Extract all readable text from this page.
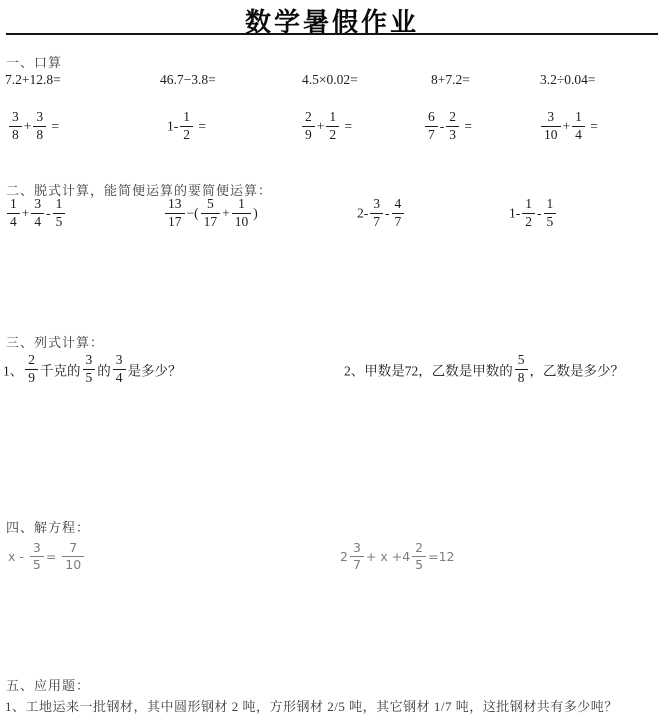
数学暑假作业
一、口算
7.2+12.8=	46.7−3.8=	4.5×0.02=	8+7.2=	3.2÷0.04=
$\frac{3}{8} + \frac{3}{8}$ =	$1- \frac{1}{2}$ =	$\frac{2}{9} + \frac{1}{2}$ =	$\frac{6}{7} - \frac{2}{3}$ =	$\frac{3}{10} + \frac{1}{4}$ =
二、脱式计算，能简便运算的要简便运算：
$\frac{1}{4} + \frac{3}{4} - \frac{1}{5}$	$\frac{13}{17}$ −( $\frac{5}{17} + \frac{1}{10}$ )	$2- \frac{3}{7} - \frac{4}{7}$	$1- \frac{1}{2} - \frac{1}{5}$
三、列式计算：
1、 $\frac{2}{9}$ 千克的 $\frac{3}{5}$ 的 $\frac{3}{4}$ 是多少？	2、甲数是72，乙数是甲数的 $\frac{5}{8}$ ，乙数是多少？
四、解方程：
$x - \frac{3}{5} = \frac{7}{10}$	$2 \frac{3}{7} + x +4 \frac{2}{5} =12$
五、应用题：
1、工地运来一批钢材，其中圆形钢材 2 吨，方形钢材 2/5 吨，其它钢材 1/7 吨，这批钢材共有多少吨？
